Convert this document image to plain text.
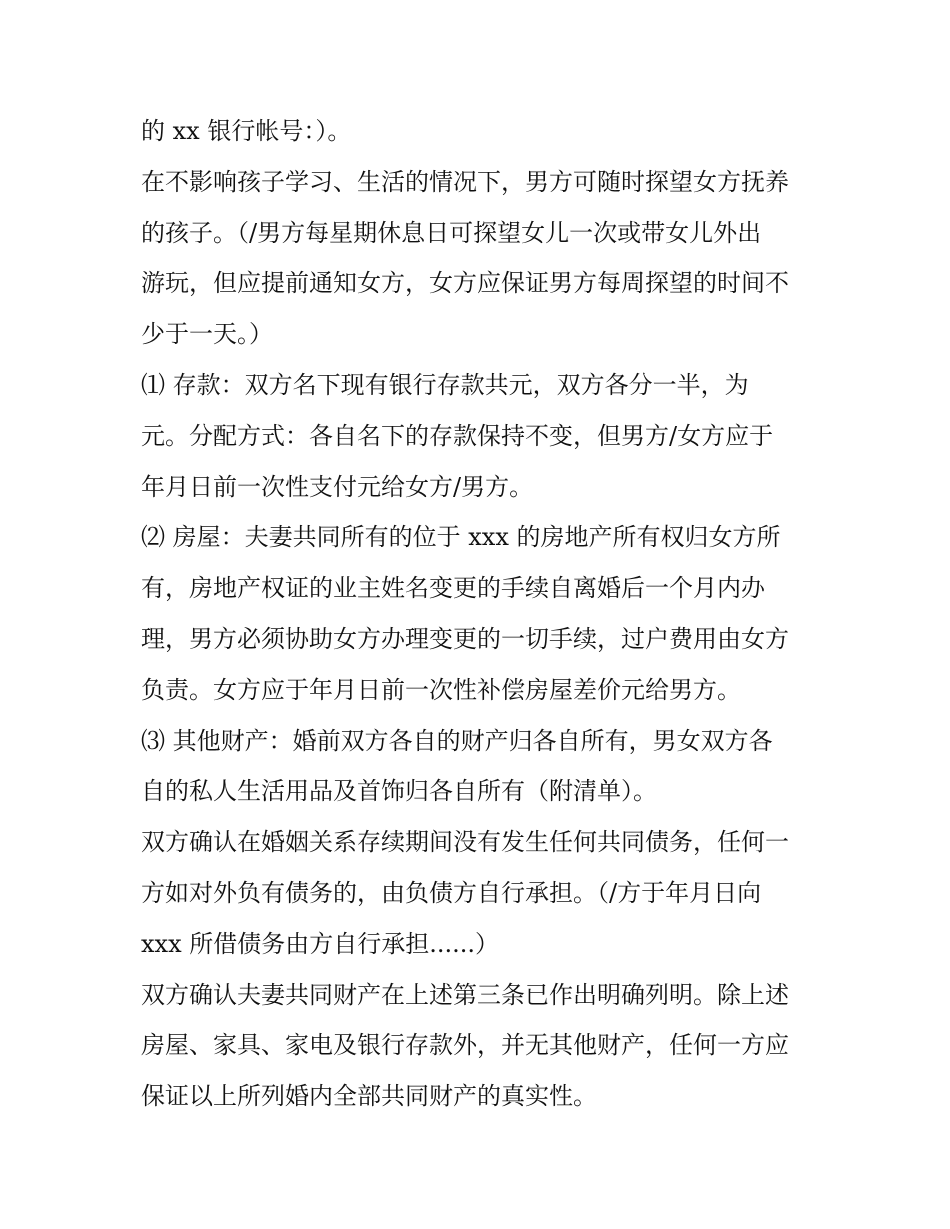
的 xx 银行帐号：）。
在不影响孩子学习、生活的情况下，男方可随时探望女方抚养
的孩子。（/男方每星期休息日可探望女儿一次或带女儿外出
游玩，但应提前通知女方，女方应保证男方每周探望的时间不
少于一天。）
⑴ 存款：双方名下现有银行存款共元，双方各分一半，为
元。分配方式：各自名下的存款保持不变，但男方/女方应于
年月日前一次性支付元给女方/男方。
⑵ 房屋：夫妻共同所有的位于 xxx 的房地产所有权归女方所
有，房地产权证的业主姓名变更的手续自离婚后一个月内办
理，男方必须协助女方办理变更的一切手续，过户费用由女方
负责。女方应于年月日前一次性补偿房屋差价元给男方。
⑶ 其他财产：婚前双方各自的财产归各自所有，男女双方各
自的私人生活用品及首饰归各自所有（附清单）。
双方确认在婚姻关系存续期间没有发生任何共同债务，任何一
方如对外负有债务的，由负债方自行承担。（/方于年月日向
xxx 所借债务由方自行承担......）
双方确认夫妻共同财产在上述第三条已作出明确列明。除上述
房屋、家具、家电及银行存款外，并无其他财产，任何一方应
保证以上所列婚内全部共同财产的真实性。
